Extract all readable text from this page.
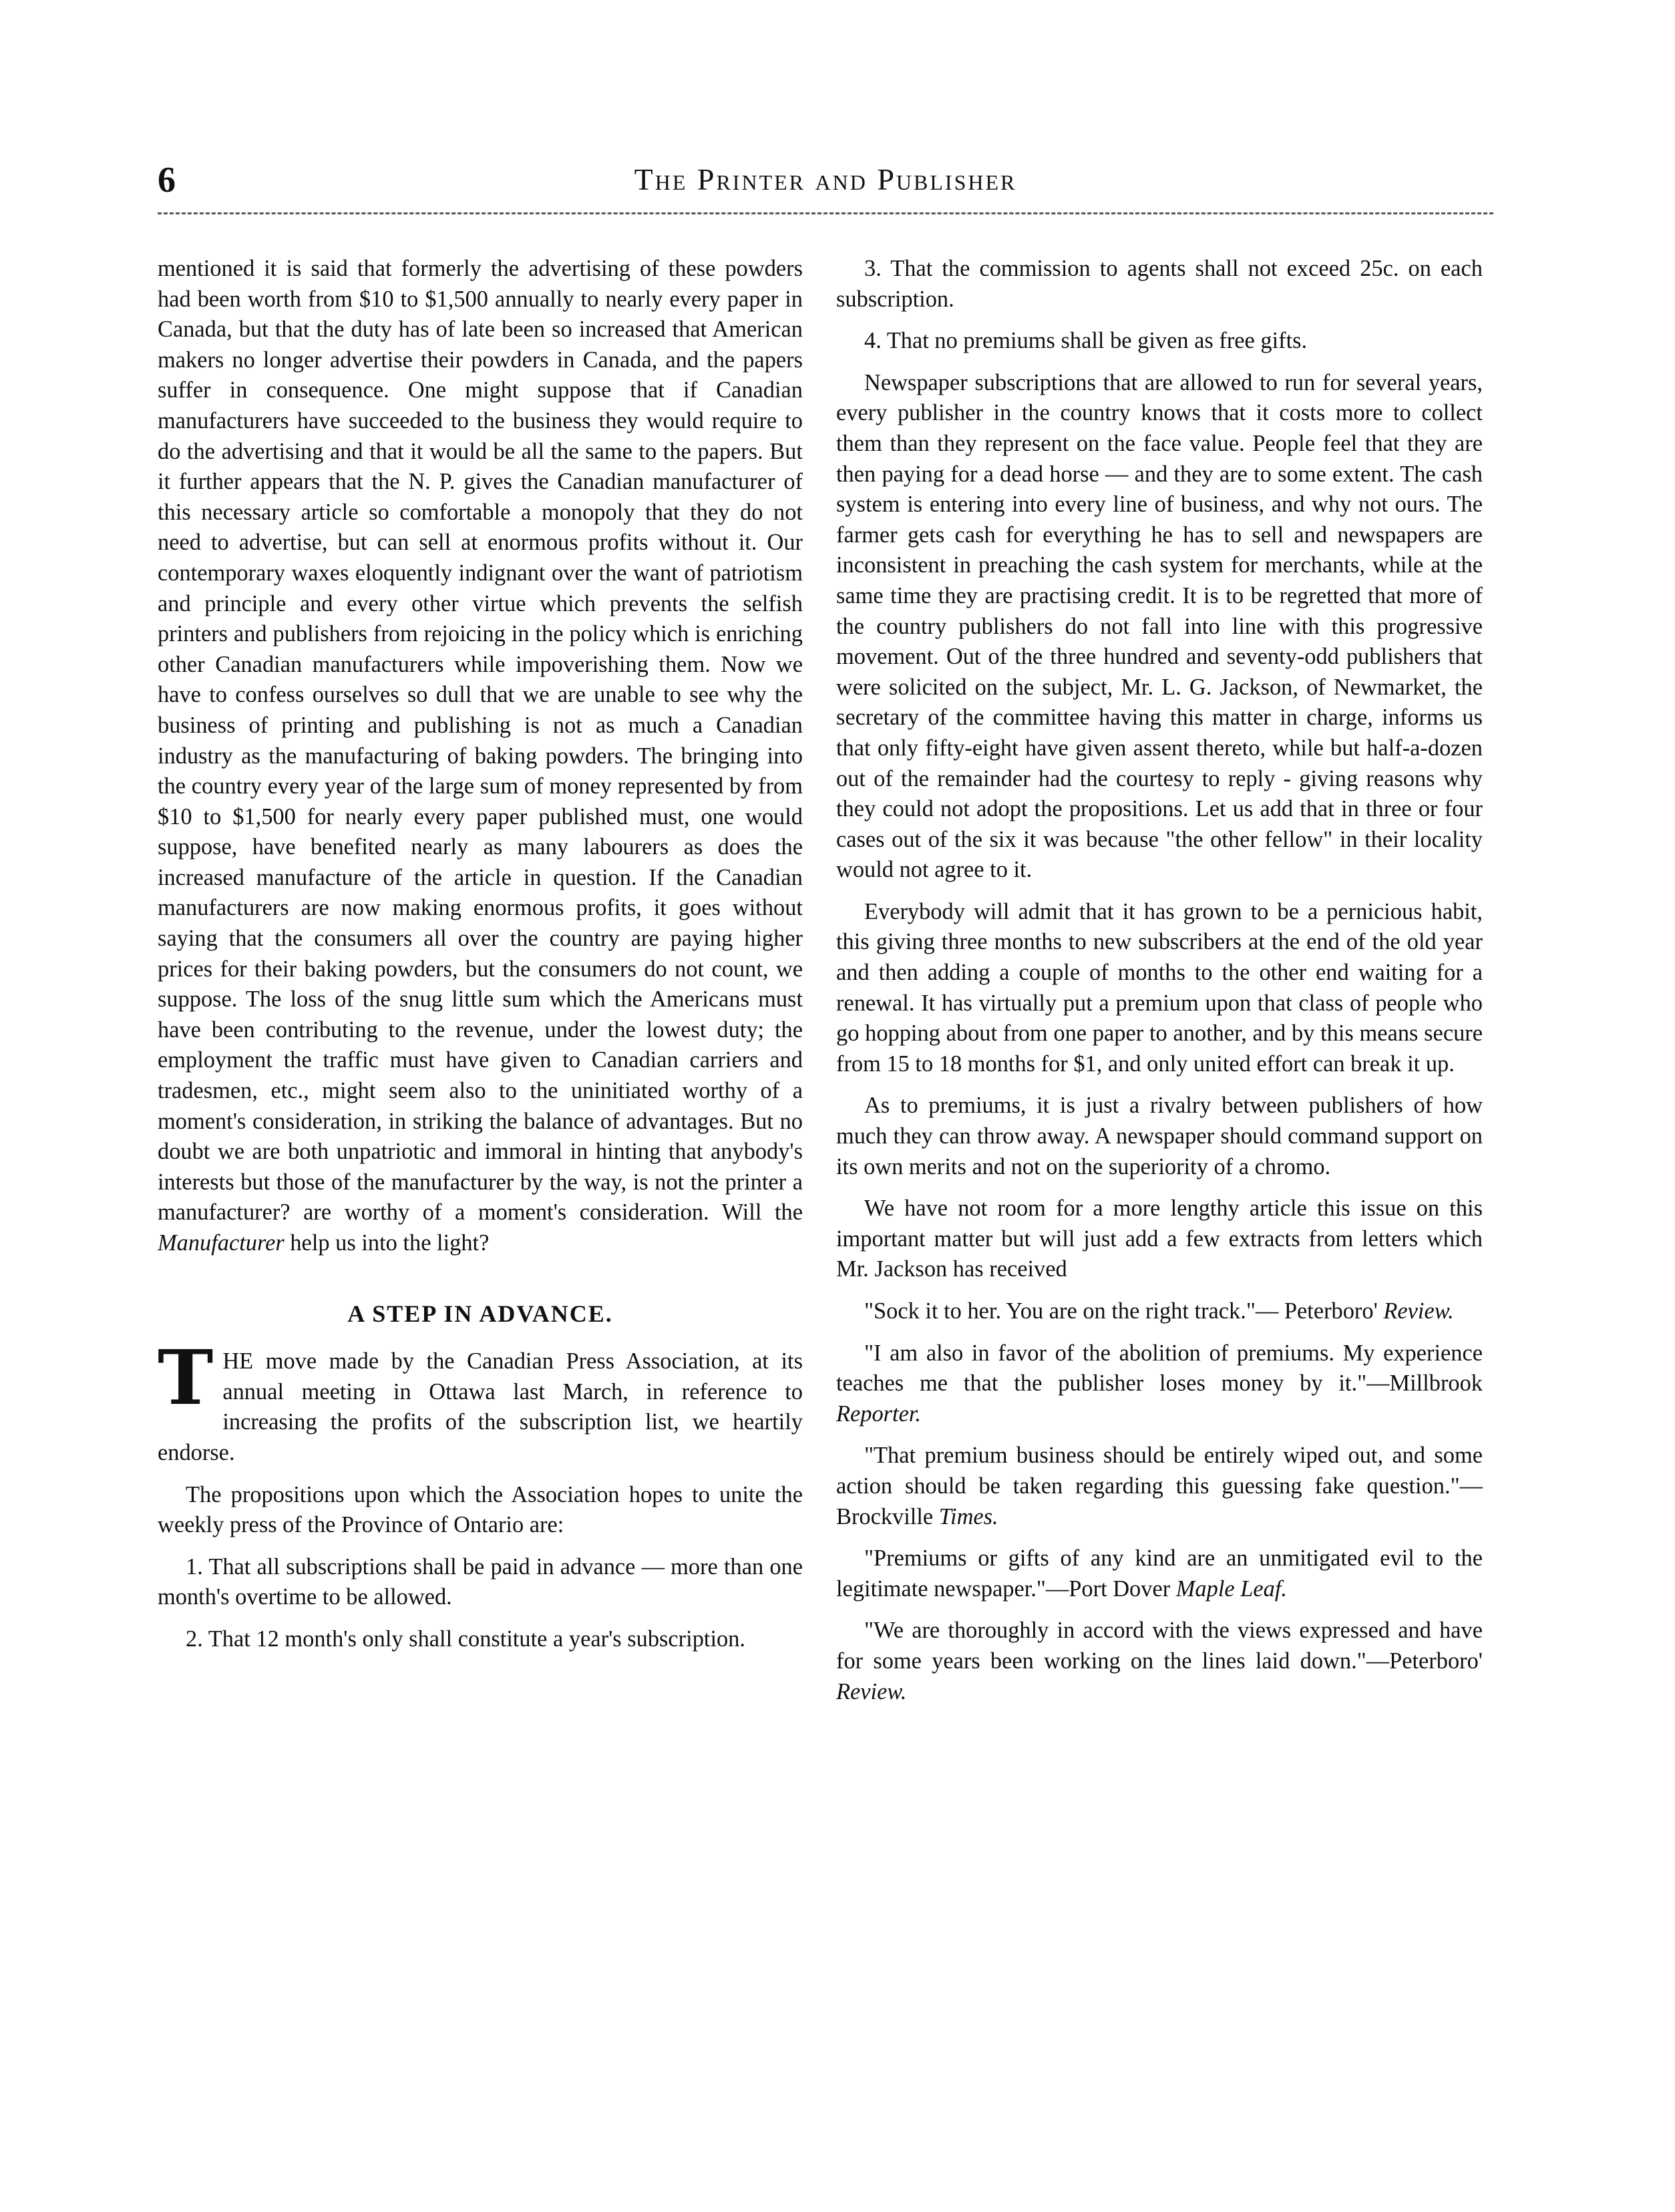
6	The Printer and Publisher

mentioned it is said that formerly the advertising of these powders had been worth from $10 to $1,500 annually to nearly every paper in Canada, but that the duty has of late been so increased that American makers no longer advertise their powders in Canada, and the papers suffer in consequence. One might suppose that if Canadian manufacturers have succeeded to the business they would require to do the advertising and that it would be all the same to the papers. But it further appears that the N. P. gives the Canadian manufacturer of this necessary article so comfortable a monopoly that they do not need to advertise, but can sell at enormous profits without it. Our contemporary waxes eloquently indignant over the want of patriotism and principle and every other virtue which prevents the selfish printers and publishers from rejoicing in the policy which is enriching other Canadian manufacturers while impoverishing them. Now we have to confess ourselves so dull that we are unable to see why the business of printing and publishing is not as much a Canadian industry as the manufacturing of baking powders. The bringing into the country every year of the large sum of money represented by from $10 to $1,500 for nearly every paper published must, one would suppose, have benefited nearly as many labourers as does the increased manufacture of the article in question. If the Canadian manufacturers are now making enormous profits, it goes without saying that the consumers all over the country are paying higher prices for their baking powders, but the consumers do not count, we suppose. The loss of the snug little sum which the Americans must have been contributing to the revenue, under the lowest duty; the employment the traffic must have given to Canadian carriers and tradesmen, etc., might seem also to the uninitiated worthy of a moment's consideration, in striking the balance of advantages. But no doubt we are both unpatriotic and immoral in hinting that anybody's interests but those of the manufacturer by the way, is not the printer a manufacturer? are worthy of a moment's consideration. Will the Manufacturer help us into the light?

A STEP IN ADVANCE.

THE move made by the Canadian Press Association, at its annual meeting in Ottawa last March, in reference to increasing the profits of the subscription list, we heartily endorse.

The propositions upon which the Association hopes to unite the weekly press of the Province of Ontario are:

1. That all subscriptions shall be paid in advance — more than one month's overtime to be allowed.

2. That 12 month's only shall constitute a year's subscription.

3. That the commission to agents shall not exceed 25c. on each subscription.

4. That no premiums shall be given as free gifts.

Newspaper subscriptions that are allowed to run for several years, every publisher in the country knows that it costs more to collect them than they represent on the face value. People feel that they are then paying for a dead horse — and they are to some extent. The cash system is entering into every line of business, and why not ours. The farmer gets cash for everything he has to sell and newspapers are inconsistent in preaching the cash system for merchants, while at the same time they are practising credit. It is to be regretted that more of the country publishers do not fall into line with this progressive movement. Out of the three hundred and seventy-odd publishers that were solicited on the subject, Mr. L. G. Jackson, of Newmarket, the secretary of the committee having this matter in charge, informs us that only fifty-eight have given assent thereto, while but half-a-dozen out of the remainder had the courtesy to reply - giving reasons why they could not adopt the propositions. Let us add that in three or four cases out of the six it was because "the other fellow" in their locality would not agree to it.

Everybody will admit that it has grown to be a pernicious habit, this giving three months to new subscribers at the end of the old year and then adding a couple of months to the other end waiting for a renewal. It has virtually put a premium upon that class of people who go hopping about from one paper to another, and by this means secure from 15 to 18 months for $1, and only united effort can break it up.

As to premiums, it is just a rivalry between publishers of how much they can throw away. A newspaper should command support on its own merits and not on the superiority of a chromo.

We have not room for a more lengthy article this issue on this important matter but will just add a few extracts from letters which Mr. Jackson has received

"Sock it to her. You are on the right track."— Peterboro' Review.

"I am also in favor of the abolition of premiums. My experience teaches me that the publisher loses money by it."—Millbrook Reporter.

"That premium business should be entirely wiped out, and some action should be taken regarding this guessing fake question."—Brockville Times.

"Premiums or gifts of any kind are an unmitigated evil to the legitimate newspaper."—Port Dover Maple Leaf.

"We are thoroughly in accord with the views expressed and have for some years been working on the lines laid down."—Peterboro' Review.
